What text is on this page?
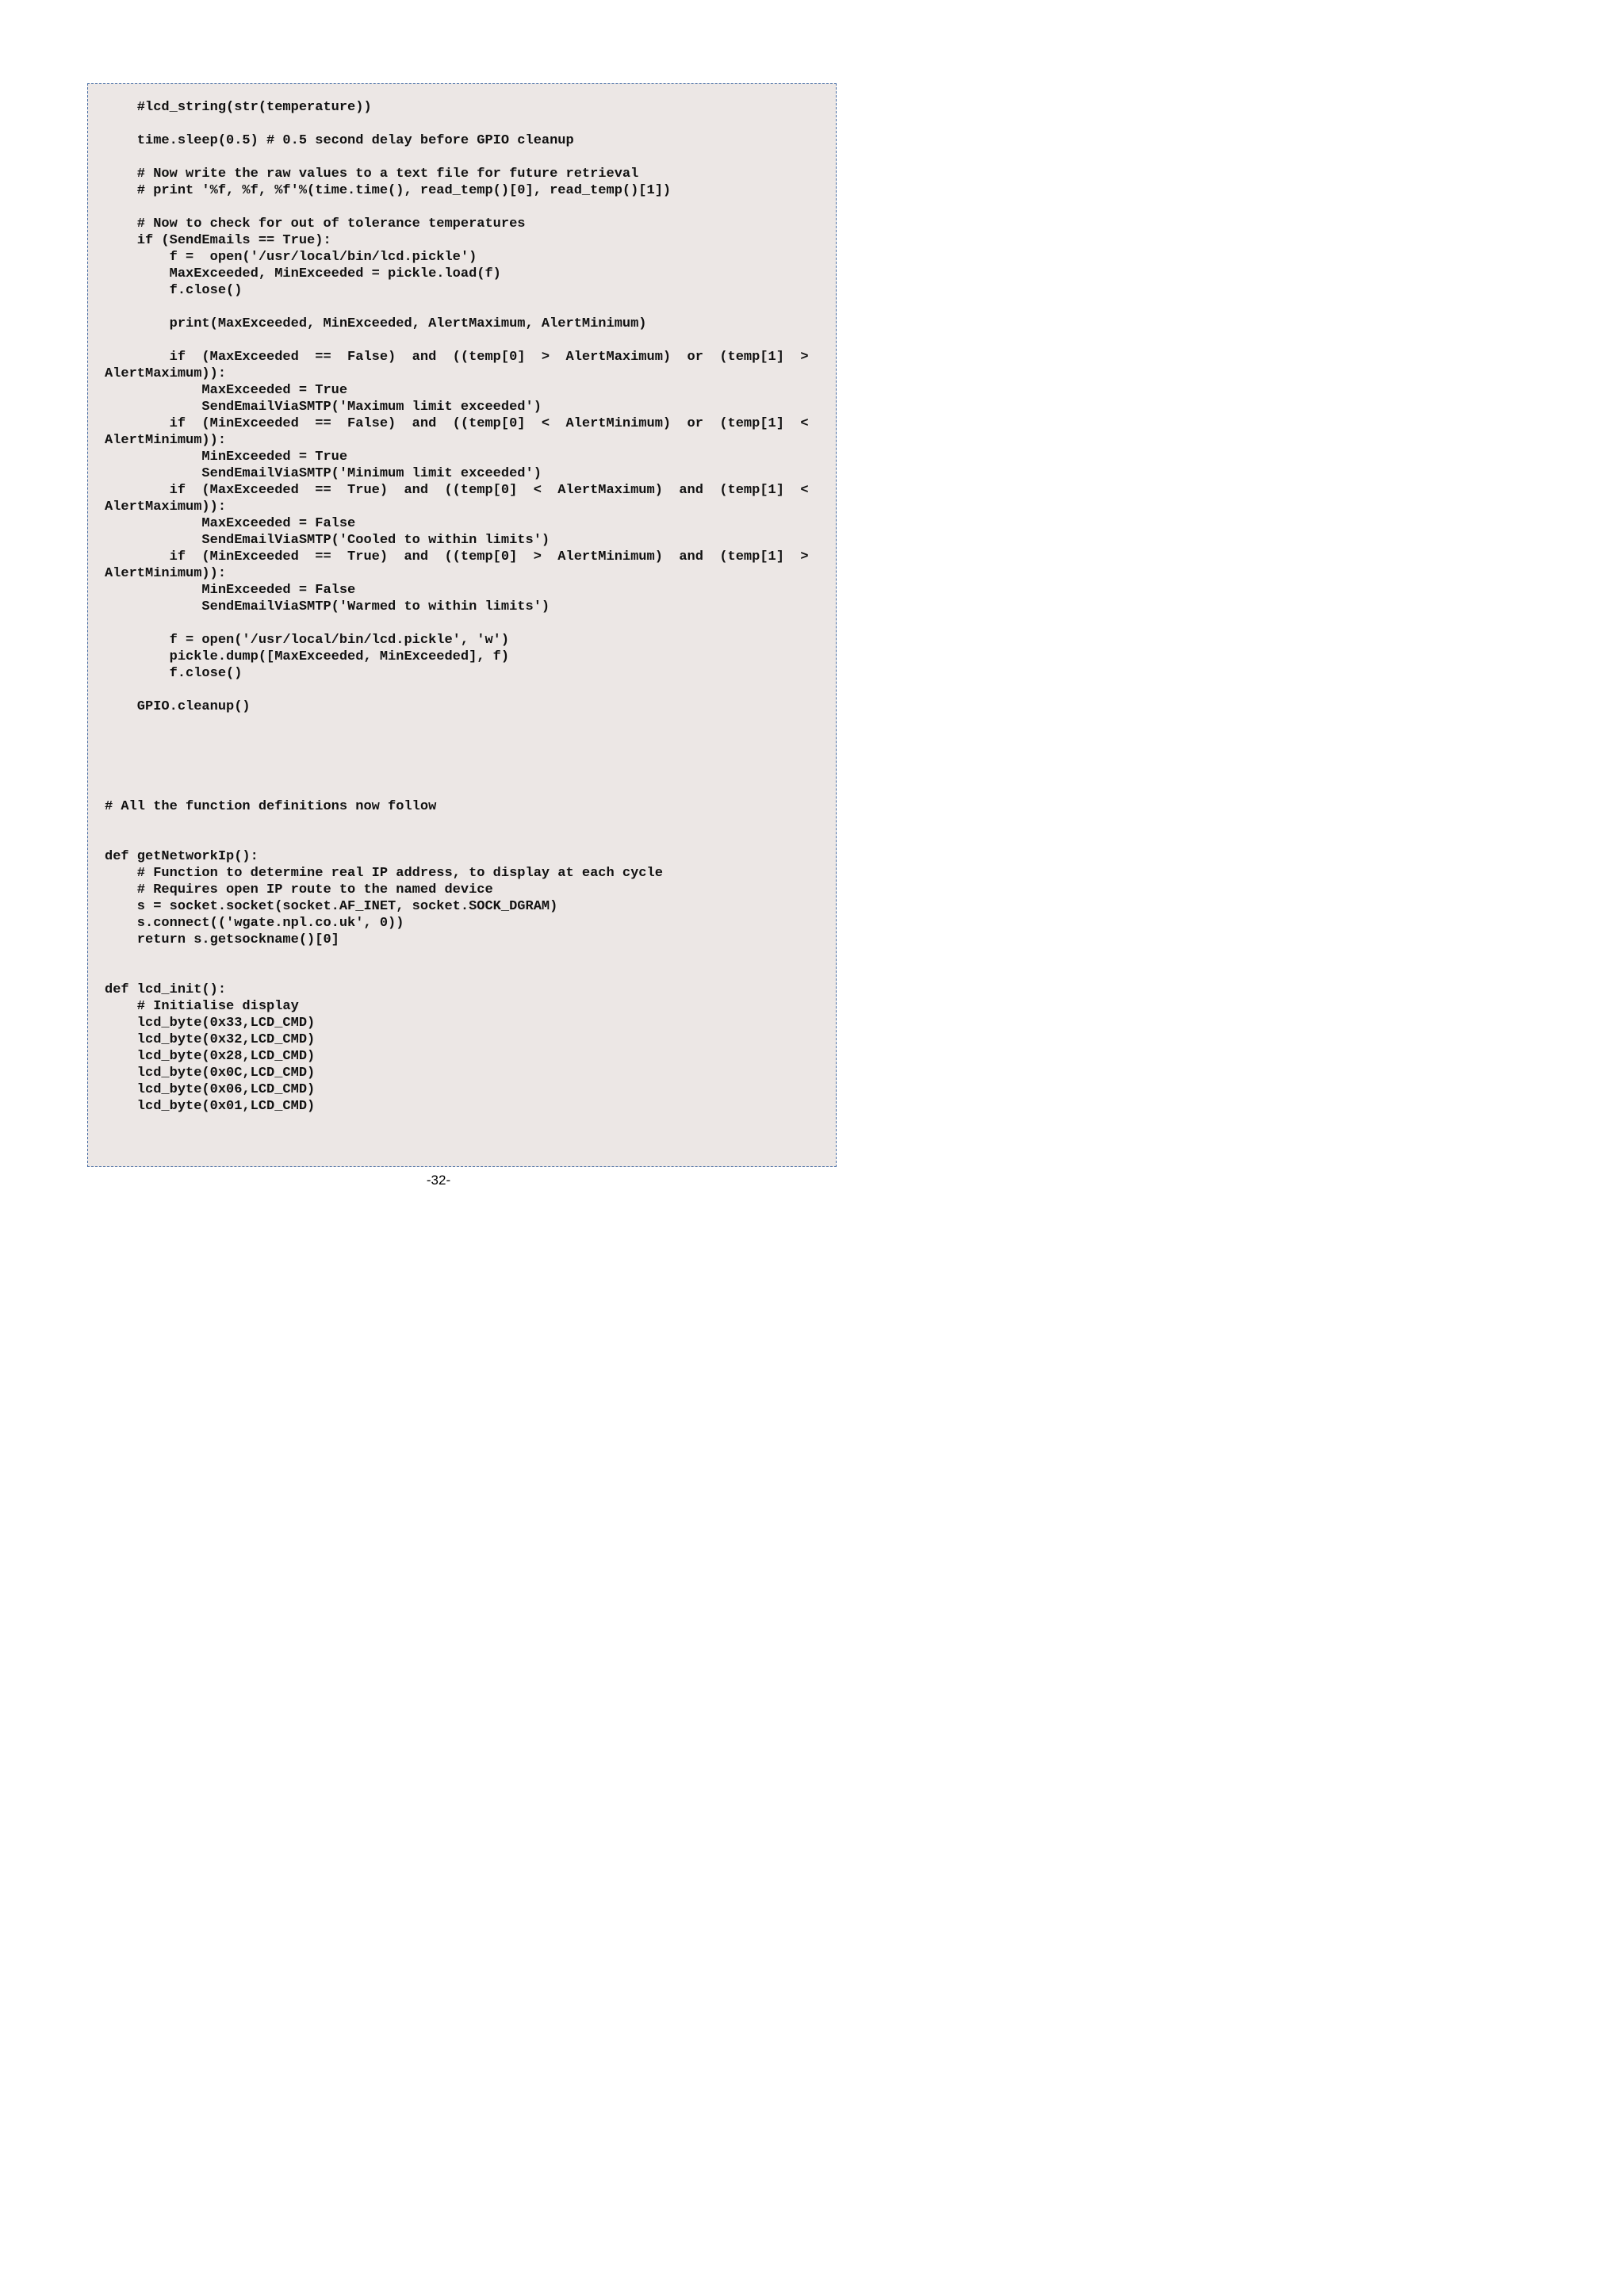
#lcd_string(str(temperature))

time.sleep(0.5) # 0.5 second delay before GPIO cleanup

# Now write the raw values to a text file for future retrieval
# print '%f, %f, %f'%(time.time(), read_temp()[0], read_temp()[1])

# Now to check for out of tolerance temperatures
if (SendEmails == True):
f =  open('/usr/local/bin/lcd.pickle')
MaxExceeded, MinExceeded = pickle.load(f)
f.close()

print(MaxExceeded, MinExceeded, AlertMaximum, AlertMinimum)

if  (MaxExceeded  ==  False)  and  ((temp[0]  >  AlertMaximum)  or  (temp[1]  >
AlertMaximum)):
MaxExceeded = True
SendEmailViaSMTP('Maximum limit exceeded')
if  (MinExceeded  ==  False)  and  ((temp[0]  <  AlertMinimum)  or  (temp[1]  <
AlertMinimum)):
MinExceeded = True
SendEmailViaSMTP('Minimum limit exceeded')
if  (MaxExceeded  ==  True)  and  ((temp[0]  <  AlertMaximum)  and  (temp[1]  <
AlertMaximum)):
MaxExceeded = False
SendEmailViaSMTP('Cooled to within limits')
if  (MinExceeded  ==  True)  and  ((temp[0]  >  AlertMinimum)  and  (temp[1]  >
AlertMinimum)):
MinExceeded = False
SendEmailViaSMTP('Warmed to within limits')

f = open('/usr/local/bin/lcd.pickle', 'w')
pickle.dump([MaxExceeded, MinExceeded], f)
f.close()

GPIO.cleanup()

# All the function definitions now follow

def getNetworkIp():
# Function to determine real IP address, to display at each cycle
# Requires open IP route to the named device
s = socket.socket(socket.AF_INET, socket.SOCK_DGRAM)
s.connect(('wgate.npl.co.uk', 0))
return s.getsockname()[0]

def lcd_init():
# Initialise display
lcd_byte(0x33,LCD_CMD)
lcd_byte(0x32,LCD_CMD)
lcd_byte(0x28,LCD_CMD)
lcd_byte(0x0C,LCD_CMD)
lcd_byte(0x06,LCD_CMD)
lcd_byte(0x01,LCD_CMD)

-32-
